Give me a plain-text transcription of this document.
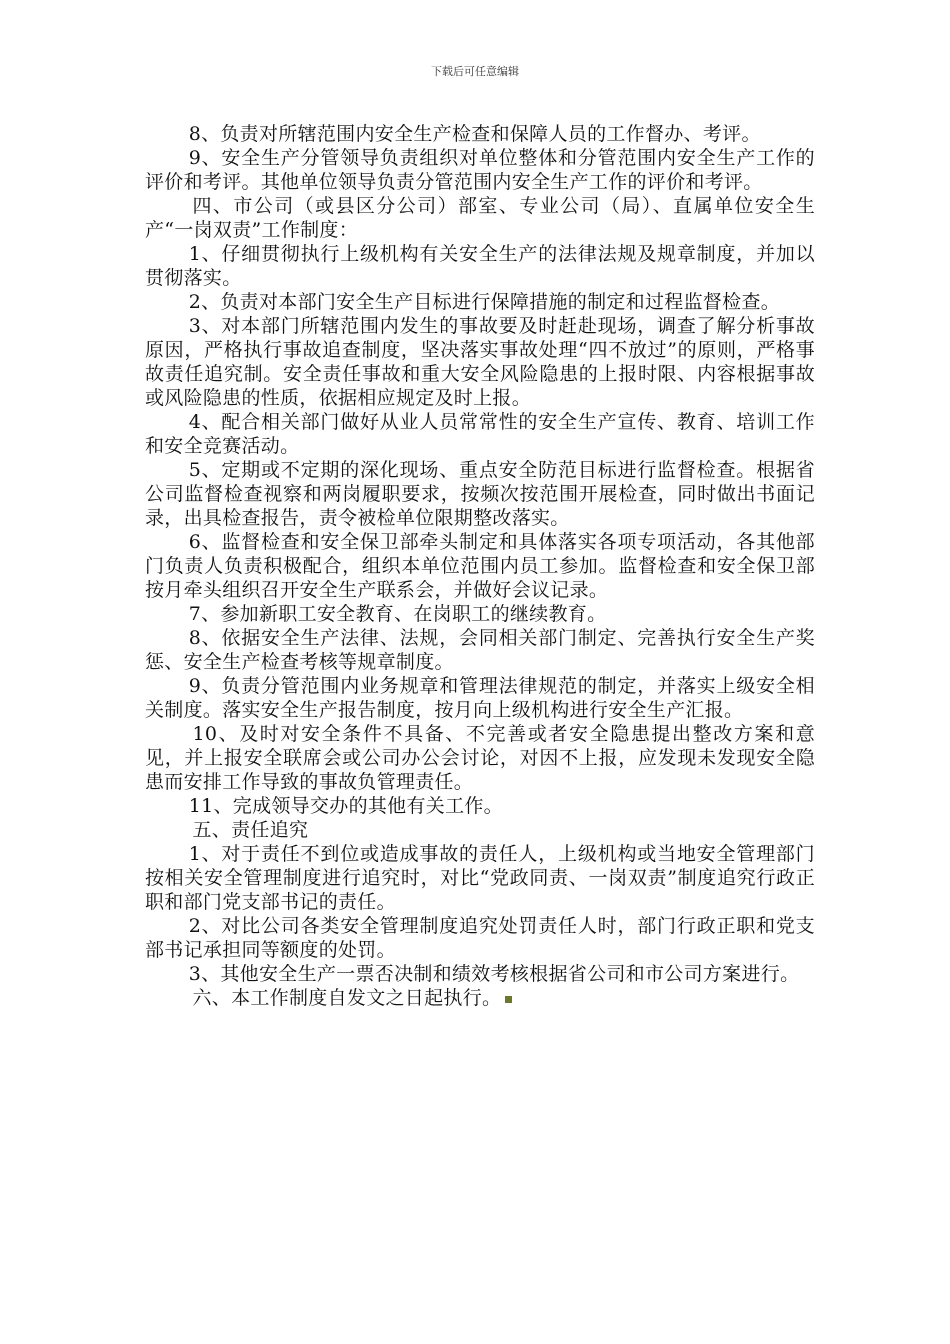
下载后可任意编辑

8、负责对所辖范围内安全生产检查和保障人员的工作督办、考评。

9、安全生产分管领导负责组织对单位整体和分管范围内安全生产工作的评价和考评。其他单位领导负责分管范围内安全生产工作的评价和考评。

四、市公司（或县区分公司）部室、专业公司（局）、直属单位安全生产“一岗双责”工作制度：

1、仔细贯彻执行上级机构有关安全生产的法律法规及规章制度，并加以贯彻落实。

2、负责对本部门安全生产目标进行保障措施的制定和过程监督检查。

3、对本部门所辖范围内发生的事故要及时赶赴现场，调查了解分析事故原因，严格执行事故追查制度，坚决落实事故处理“四不放过”的原则，严格事故责任追究制。安全责任事故和重大安全风险隐患的上报时限、内容根据事故或风险隐患的性质，依据相应规定及时上报。

4、配合相关部门做好从业人员常常性的安全生产宣传、教育、培训工作和安全竞赛活动。

5、定期或不定期的深化现场、重点安全防范目标进行监督检查。根据省公司监督检查视察和两岗履职要求，按频次按范围开展检查，同时做出书面记录，出具检查报告，责令被检单位限期整改落实。

6、监督检查和安全保卫部牵头制定和具体落实各项专项活动，各其他部门负责人负责积极配合，组织本单位范围内员工参加。监督检查和安全保卫部按月牵头组织召开安全生产联系会，并做好会议记录。

7、参加新职工安全教育、在岗职工的继续教育。

8、依据安全生产法律、法规，会同相关部门制定、完善执行安全生产奖惩、安全生产检查考核等规章制度。

9、负责分管范围内业务规章和管理法律规范的制定，并落实上级安全相关制度。落实安全生产报告制度，按月向上级机构进行安全生产汇报。

10、及时对安全条件不具备、不完善或者安全隐患提出整改方案和意见，并上报安全联席会或公司办公会讨论，对因不上报，应发现未发现安全隐患而安排工作导致的事故负管理责任。

11、完成领导交办的其他有关工作。

五、责任追究

1、对于责任不到位或造成事故的责任人，上级机构或当地安全管理部门按相关安全管理制度进行追究时，对比“党政同责、一岗双责”制度追究行政正职和部门党支部书记的责任。

2、对比公司各类安全管理制度追究处罚责任人时，部门行政正职和党支部书记承担同等额度的处罚。

3、其他安全生产一票否决制和绩效考核根据省公司和市公司方案进行。

六、本工作制度自发文之日起执行。
